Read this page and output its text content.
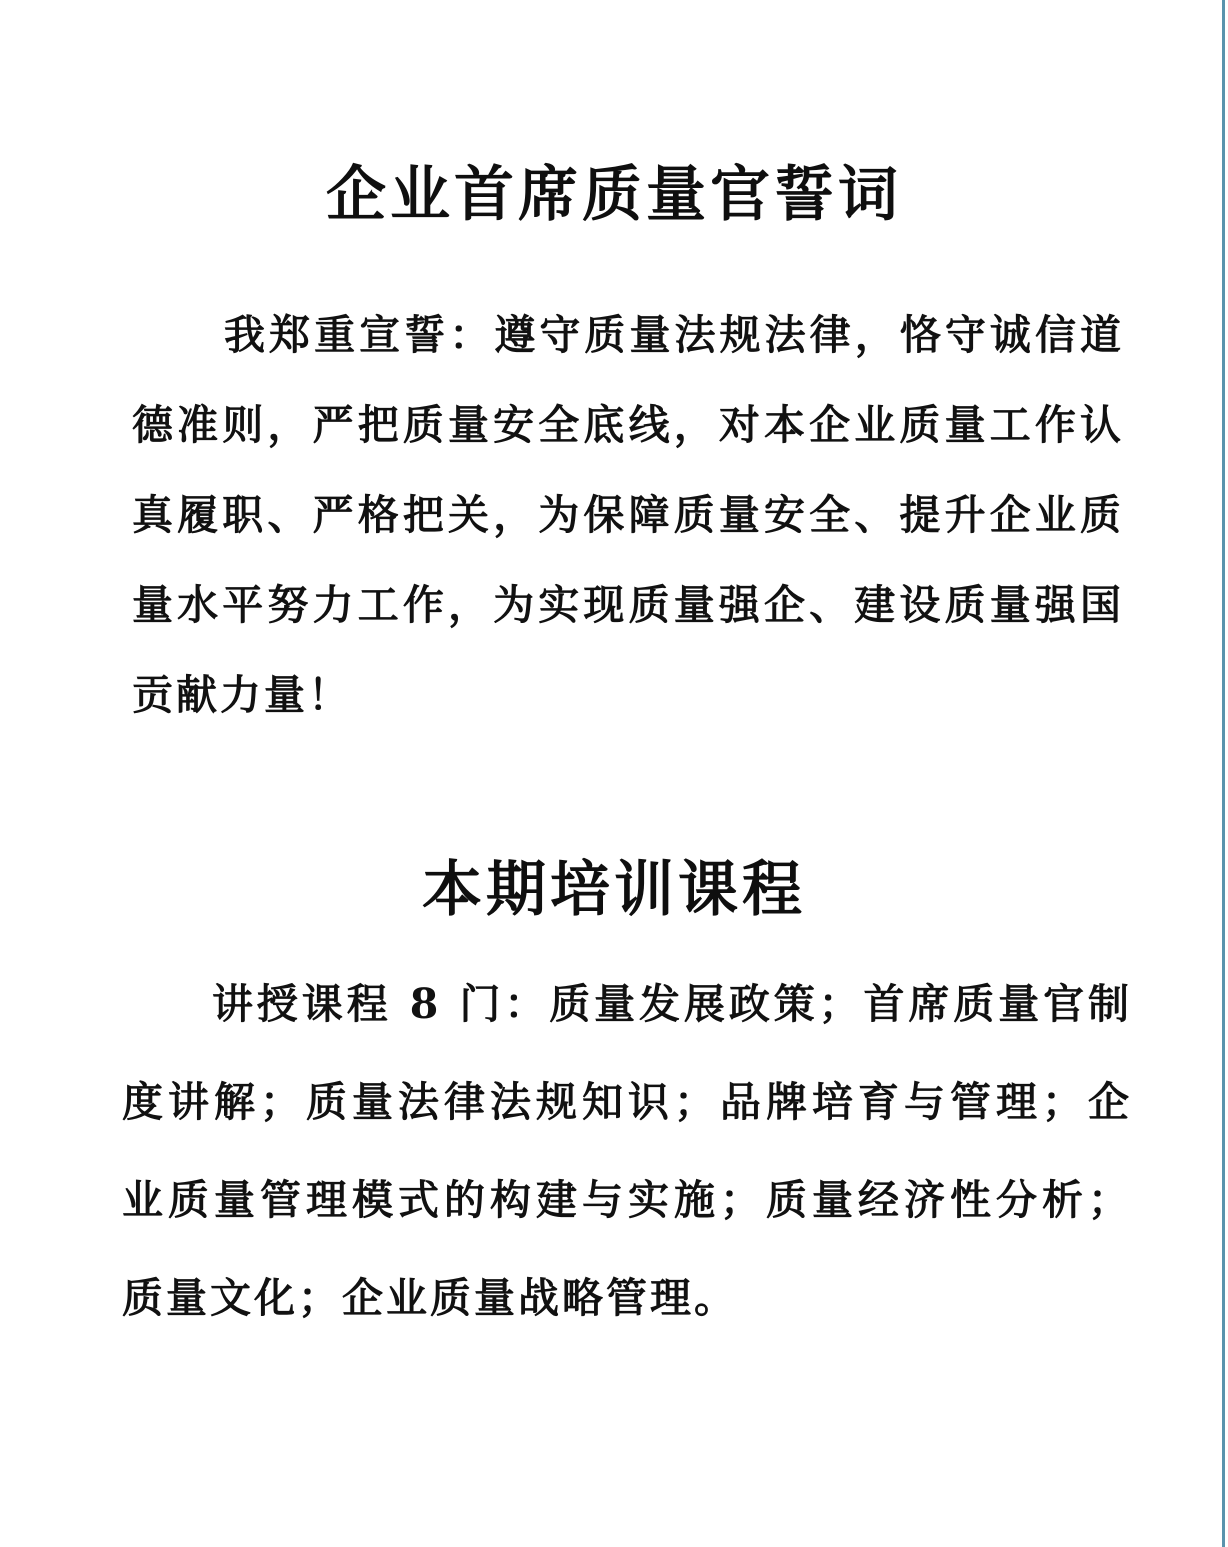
企业首席质量官誓词

我郑重宣誓：遵守质量法规法律，恪守诚信道德准则，严把质量安全底线，对本企业质量工作认真履职、严格把关，为保障质量安全、提升企业质量水平努力工作，为实现质量强企、建设质量强国贡献力量！

本期培训课程

讲授课程 8 门：质量发展政策；首席质量官制度讲解；质量法律法规知识；品牌培育与管理；企业质量管理模式的构建与实施；质量经济性分析；质量文化；企业质量战略管理。
